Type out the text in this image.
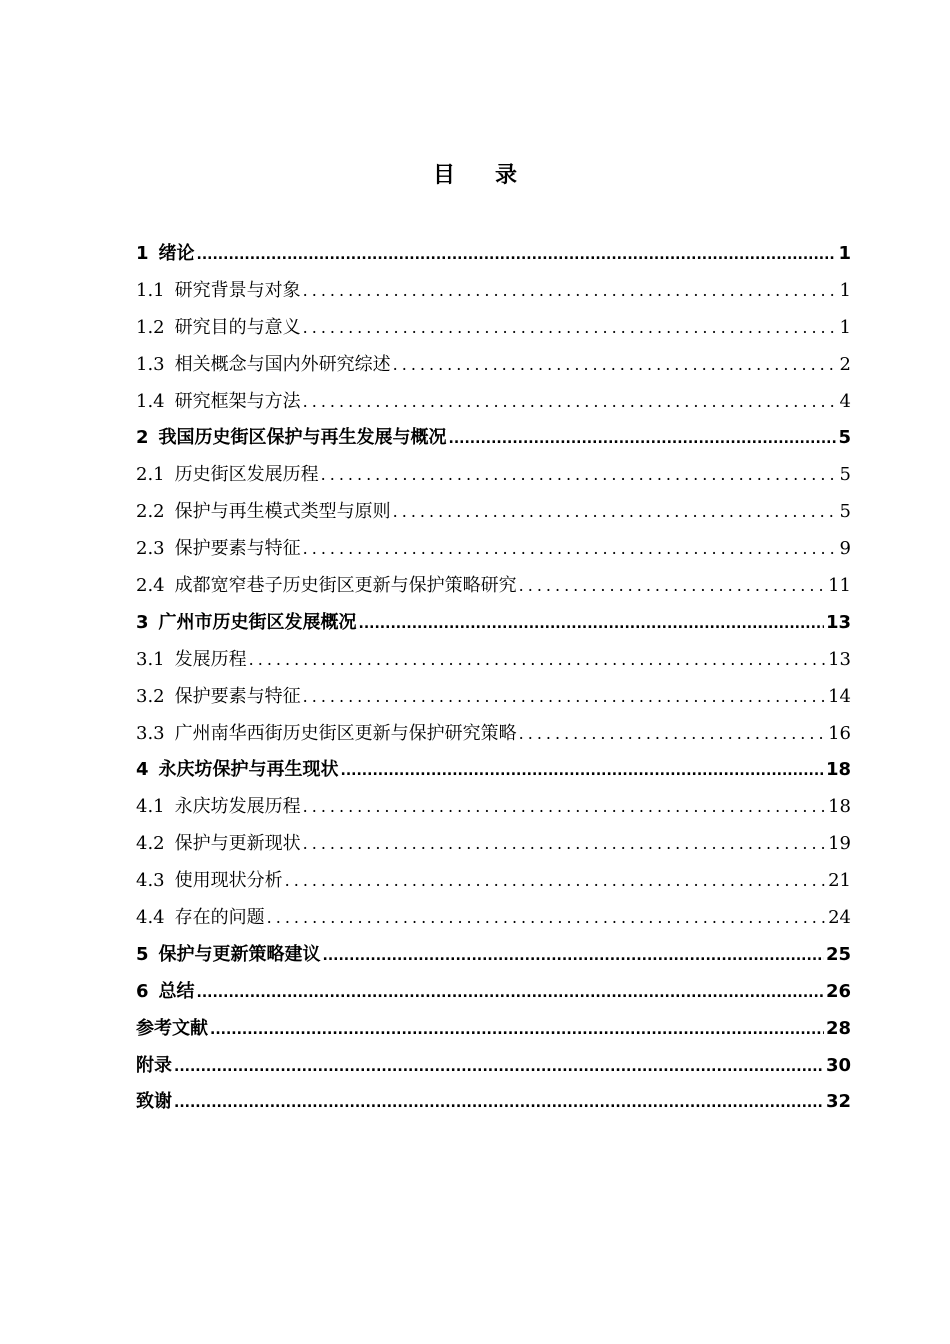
目录
1 绪论 .....	1
1.1 研究背景与对象 .....	1
1.2 研究目的与意义 .....	1
1.3 相关概念与国内外研究综述 .....	2
1.4 研究框架与方法 .....	4
2 我国历史街区保护与再生发展与概况 .....	5
2.1 历史街区发展历程 .....	5
2.2 保护与再生模式类型与原则 .....	5
2.3 保护要素与特征 .....	9
2.4 成都宽窄巷子历史街区更新与保护策略研究 .....	11
3 广州市历史街区发展概况 .....	13
3.1 发展历程 .....	13
3.2 保护要素与特征 .....	14
3.3 广州南华西街历史街区更新与保护研究策略 .....	16
4 永庆坊保护与再生现状 .....	18
4.1 永庆坊发展历程 .....	18
4.2 保护与更新现状 .....	19
4.3 使用现状分析 .....	21
4.4 存在的问题 .....	24
5 保护与更新策略建议 .....	25
6 总结 .....	26
参考文献 .....	28
附录 .....	30
致谢 .....	32
